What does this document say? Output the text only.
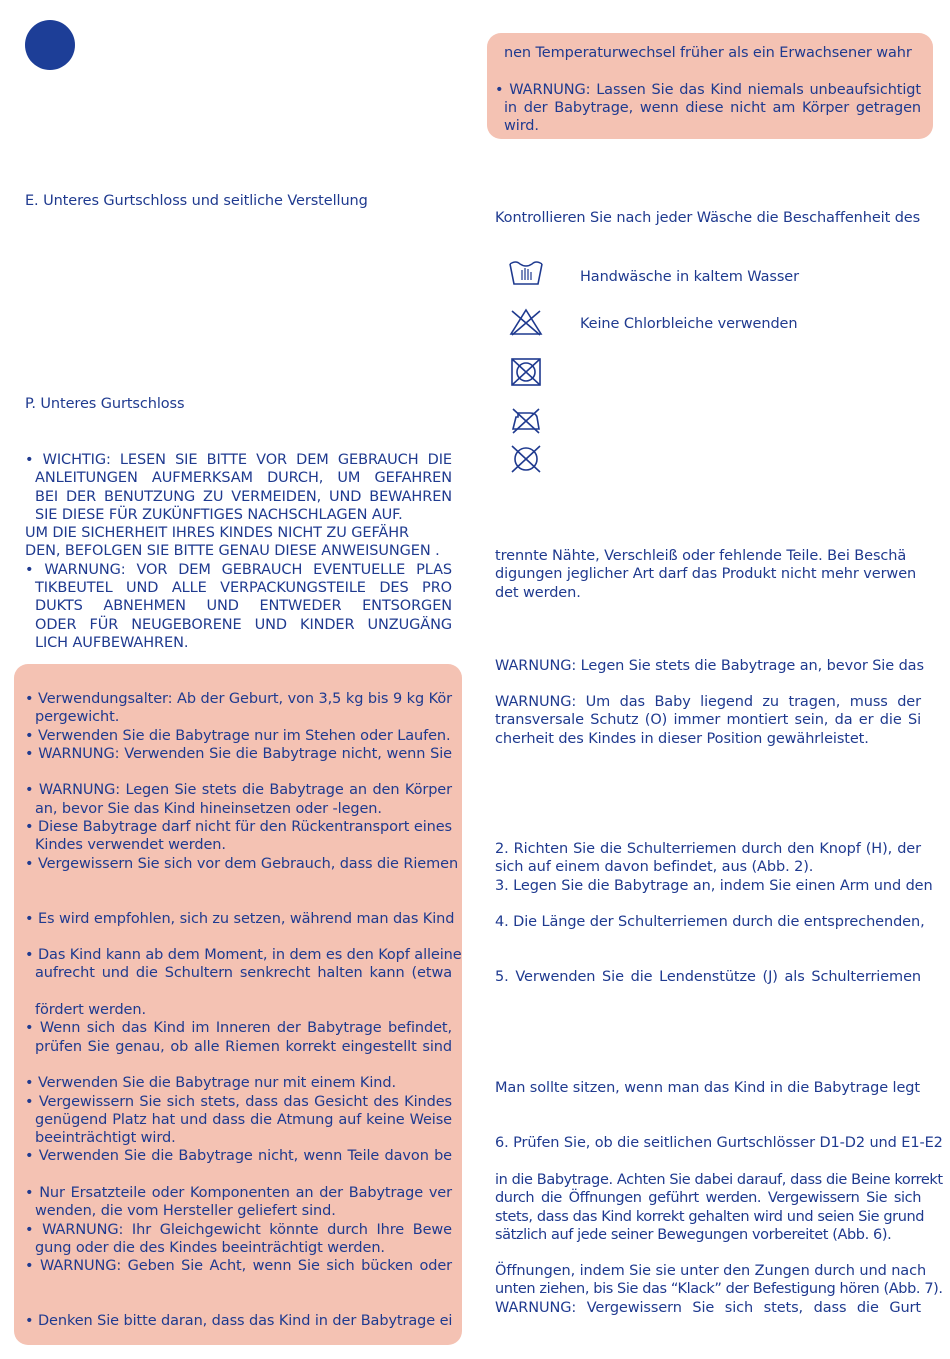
E. Unteres Gurtschloss und seitliche Verstellung
P. Unteres Gurtschloss
• WICHTIG: LESEN SIE BITTE VOR DEM GEBRAUCH DIE
ANLEITUNGEN AUFMERKSAM DURCH, UM GEFAHREN
BEI DER BENUTZUNG ZU VERMEIDEN, UND BEWAHREN
SIE DIESE FÜR ZUKÜNFTIGES NACHSCHLAGEN AUF.
UM DIE SICHERHEIT IHRES KINDES NICHT ZU GEFÄHR
DEN, BEFOLGEN SIE BITTE GENAU DIESE ANWEISUNGEN .
• WARNUNG: VOR DEM GEBRAUCH EVENTUELLE PLAS
TIKBEUTEL UND ALLE VERPACKUNGSTEILE DES PRO
DUKTS ABNEHMEN UND ENTWEDER ENTSORGEN
ODER FÜR NEUGEBORENE UND KINDER UNZUGÄNG
LICH AUFBEWAHREN.
• Verwendungsalter: Ab der Geburt, von 3,5 kg bis 9 kg Kör
pergewicht.
• Verwenden Sie die Babytrage nur im Stehen oder Laufen.
• WARNUNG: Verwenden Sie die Babytrage nicht, wenn Sie
• WARNUNG: Legen Sie stets die Babytrage an den Körper
an, bevor Sie das Kind hineinsetzen oder -legen.
• Diese Babytrage darf nicht für den Rückentransport eines
Kindes verwendet werden.
• Vergewissern Sie sich vor dem Gebrauch, dass die Riemen
• Es wird empfohlen, sich zu setzen, während man das Kind
• Das Kind kann ab dem Moment, in dem es den Kopf alleine
aufrecht und die Schultern senkrecht halten kann (etwa
fördert werden.
• Wenn sich das Kind im Inneren der Babytrage befindet,
prüfen Sie genau, ob alle Riemen korrekt eingestellt sind
• Verwenden Sie die Babytrage nur mit einem Kind.
• Vergewissern Sie sich stets, dass das Gesicht des Kindes
genügend Platz hat und dass die Atmung auf keine Weise
beeinträchtigt wird.
• Verwenden Sie die Babytrage nicht, wenn Teile davon be
• Nur Ersatzteile oder Komponenten an der Babytrage ver
wenden, die vom Hersteller geliefert sind.
• WARNUNG: Ihr Gleichgewicht könnte durch Ihre Bewe
gung oder die des Kindes beeinträchtigt werden.
• WARNUNG: Geben Sie Acht, wenn Sie sich bücken oder
• Denken Sie bitte daran, dass das Kind in der Babytrage ei
nen Temperaturwechsel früher als ein Erwachsener wahr
• WARNUNG: Lassen Sie das Kind niemals unbeaufsichtigt
in der Babytrage, wenn diese nicht am Körper getragen
wird.
Kontrollieren Sie nach jeder Wäsche die Beschaffenheit des
Handwäsche in kaltem Wasser
Keine Chlorbleiche verwenden
trennte Nähte, Verschleiß oder fehlende Teile. Bei Beschä
digungen jeglicher Art darf das Produkt nicht mehr verwen
det werden.
WARNUNG: Legen Sie stets die Babytrage an, bevor Sie das
WARNUNG: Um das Baby liegend zu tragen, muss der
transversale Schutz (O) immer montiert sein, da er die Si
cherheit des Kindes in dieser Position gewährleistet.
2. Richten Sie die Schulterriemen durch den Knopf (H), der
sich auf einem davon befindet, aus (Abb. 2).
3. Legen Sie die Babytrage an, indem Sie einen Arm und den
4. Die Länge der Schulterriemen durch die entsprechenden,
5. Verwenden Sie die Lendenstütze (J) als Schulterriemen
Man sollte sitzen, wenn man das Kind in die Babytrage legt
6. Prüfen Sie, ob die seitlichen Gurtschlösser D1-D2 und E1-E2
in die Babytrage. Achten Sie dabei darauf, dass die Beine korrekt
durch die Öffnungen geführt werden. Vergewissern Sie sich
stets, dass das Kind korrekt gehalten wird und seien Sie grund
sätzlich auf jede seiner Bewegungen vorbereitet (Abb. 6).
Öffnungen, indem Sie sie unter den Zungen durch und nach
unten ziehen, bis Sie das “Klack” der Befestigung hören (Abb. 7).
WARNUNG: Vergewissern Sie sich stets, dass die Gurt
